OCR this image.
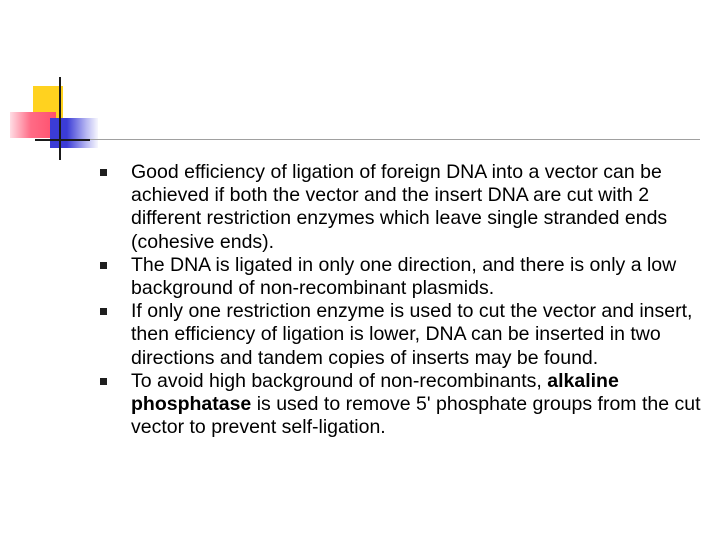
Good efficiency of ligation of foreign DNA into a vector can be achieved if both the vector and the insert DNA are cut with 2 different restriction enzymes which leave single stranded ends (cohesive ends).
The DNA is ligated in only one direction, and there is only a low background of non-recombinant plasmids.
If only one restriction enzyme is used to cut the vector and insert, then efficiency of ligation is lower, DNA can be inserted in two directions and tandem copies of inserts may be found.
To avoid high background of non-recombinants, alkaline phosphatase is used to remove 5' phosphate groups from the cut vector to prevent self-ligation.
